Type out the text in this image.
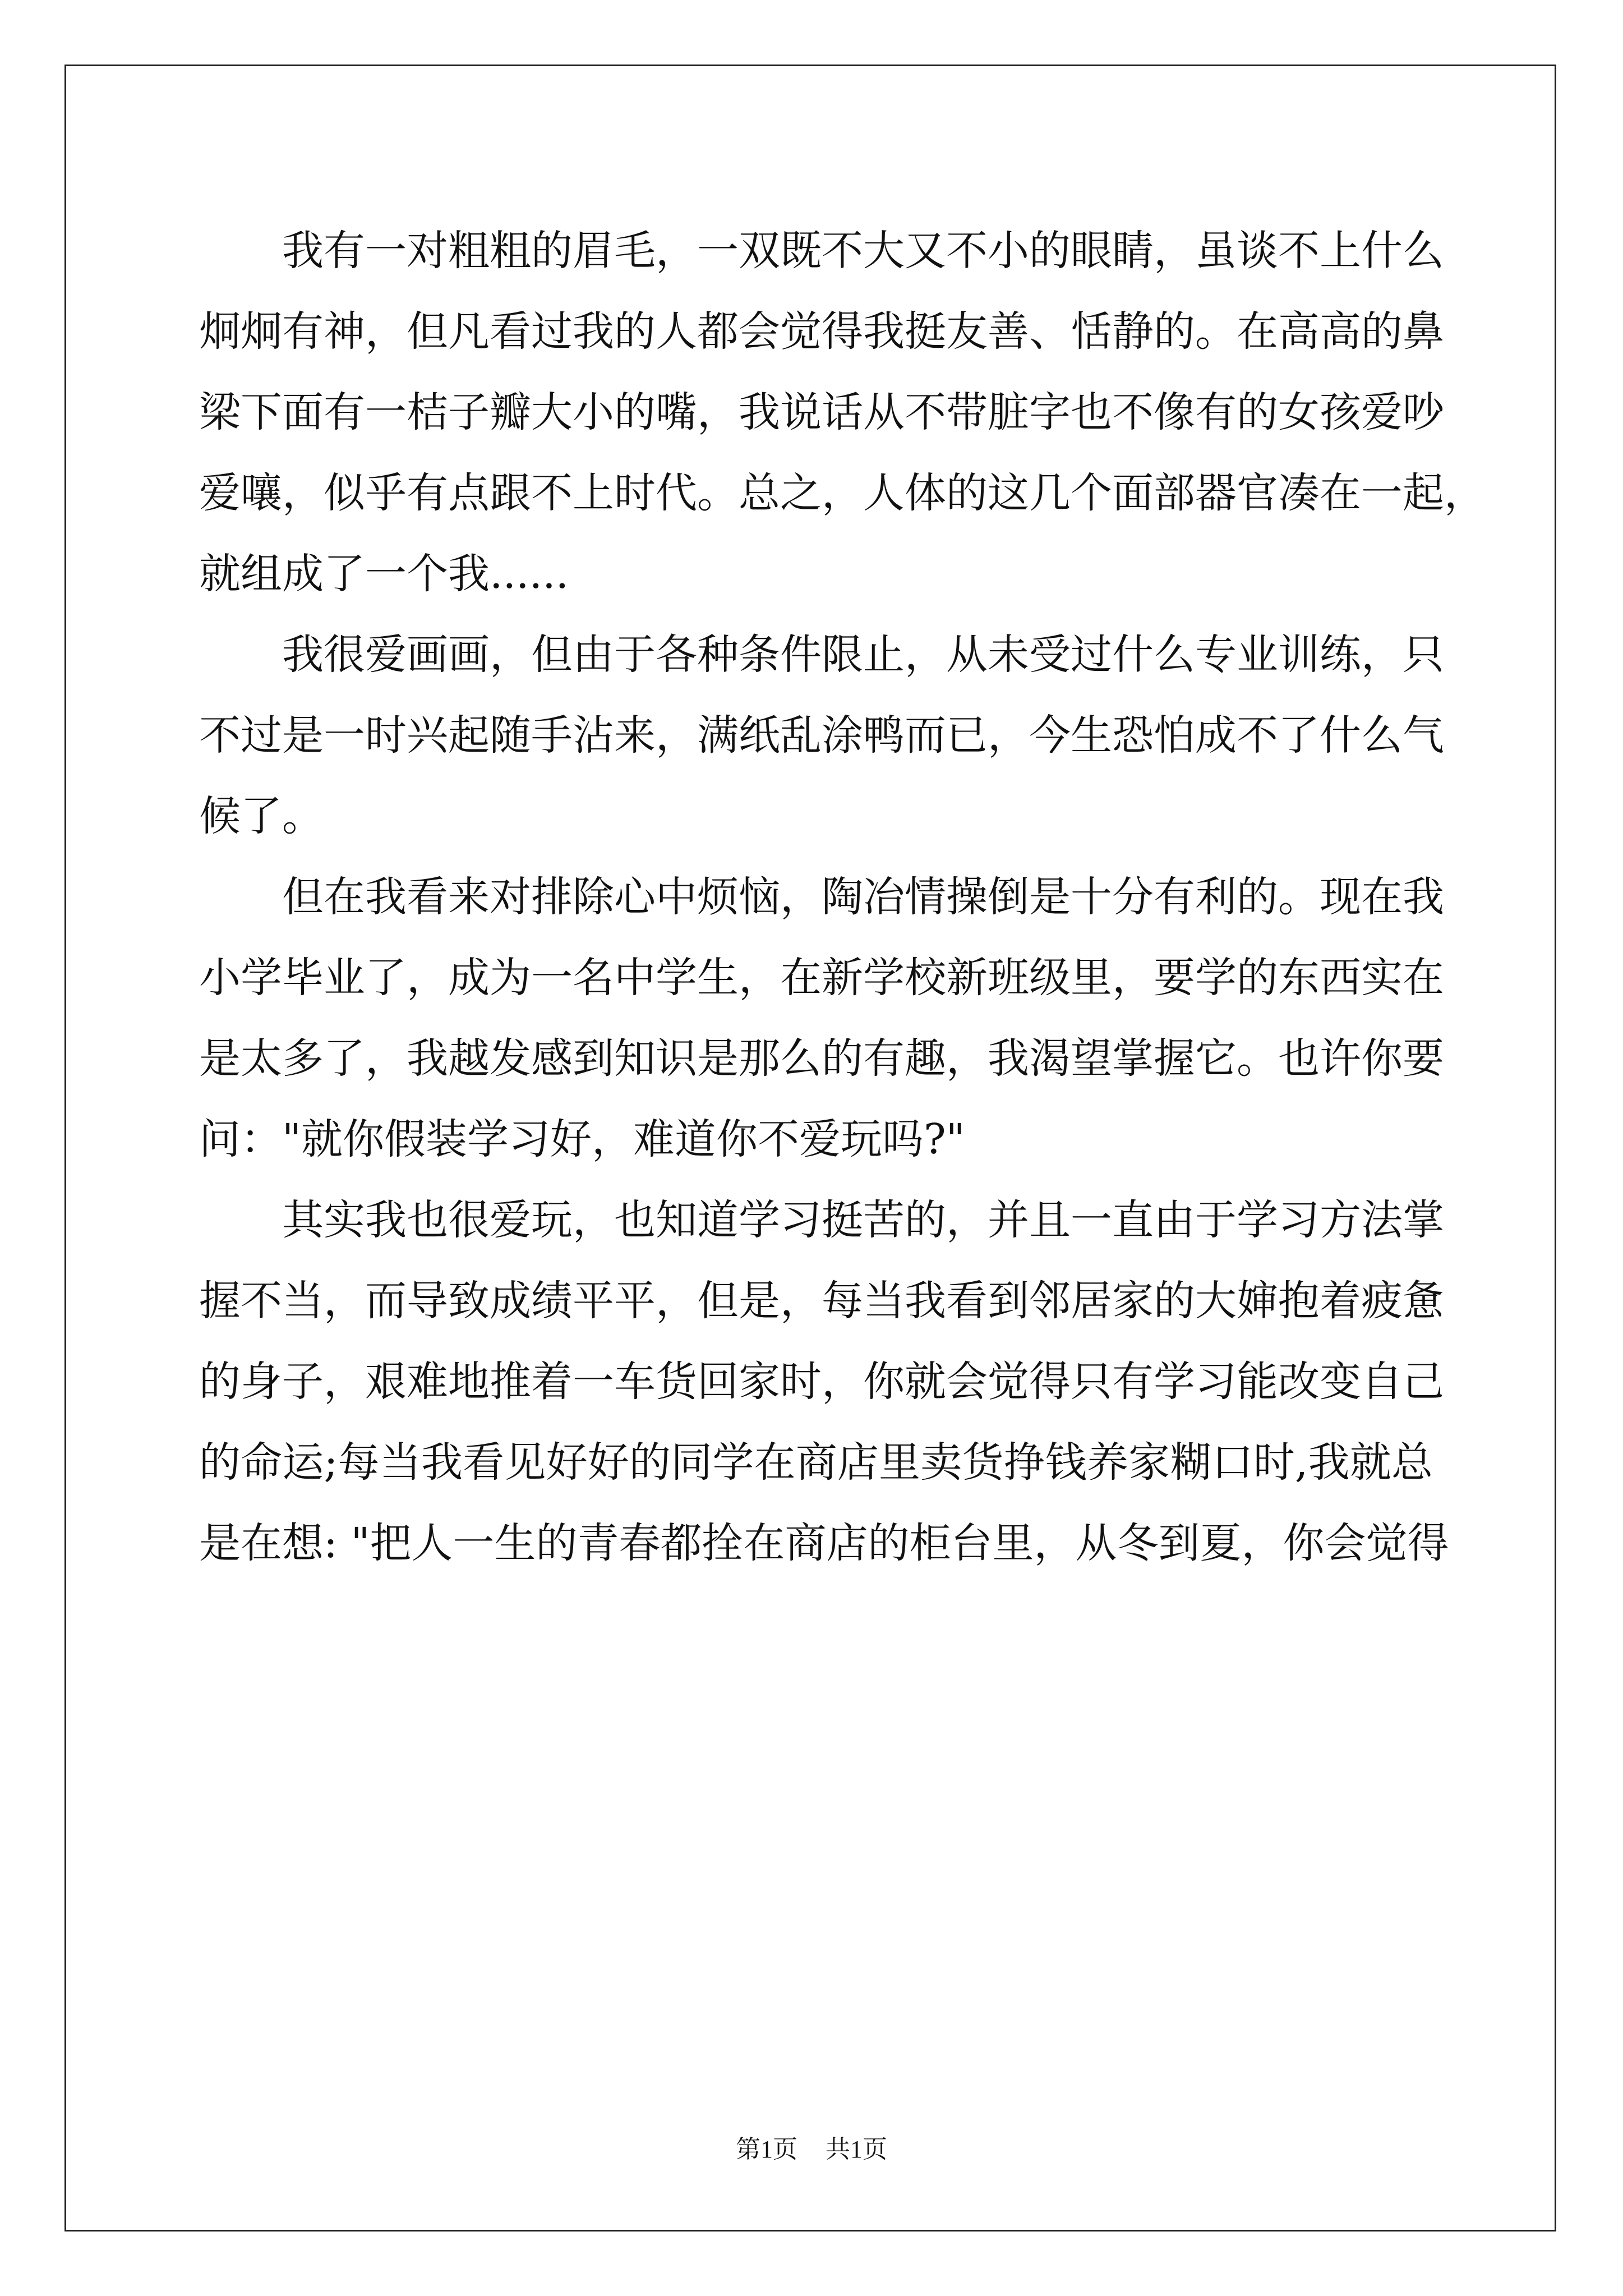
我有一对粗粗的眉毛，一双既不大又不小的眼睛，虽谈不上什么
炯炯有神，但凡看过我的人都会觉得我挺友善、恬静的。在高高的鼻
梁下面有一桔子瓣大小的嘴，我说话从不带脏字也不像有的女孩爱吵
爱嚷，似乎有点跟不上时代。总之，人体的这几个面部器官凑在一起，
就组成了一个我......
我很爱画画，但由于各种条件限止，从未受过什么专业训练，只
不过是一时兴起随手沾来，满纸乱涂鸭而已，今生恐怕成不了什么气
候了。
但在我看来对排除心中烦恼，陶冶情操倒是十分有利的。现在我
小学毕业了，成为一名中学生，在新学校新班级里，要学的东西实在
是太多了，我越发感到知识是那么的有趣，我渴望掌握它。也许你要
问："就你假装学习好，难道你不爱玩吗?"
其实我也很爱玩，也知道学习挺苦的，并且一直由于学习方法掌
握不当，而导致成绩平平，但是，每当我看到邻居家的大婶抱着疲惫
的身子，艰难地推着一车货回家时，你就会觉得只有学习能改变自己
的命运;每当我看见好好的同学在商店里卖货挣钱养家糊口时,我就总
是在想: "把人一生的青春都拴在商店的柜台里，从冬到夏，你会觉得
第1页 共1页
